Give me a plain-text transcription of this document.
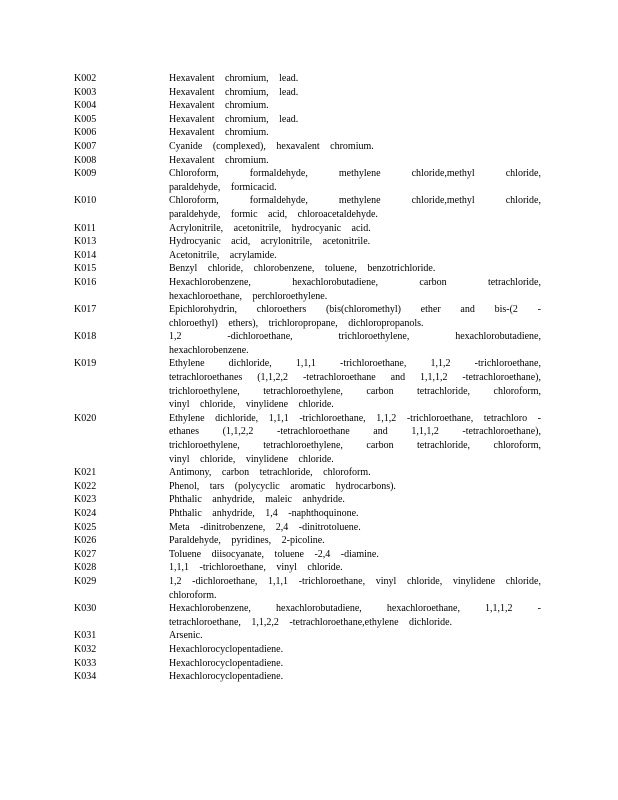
K002	Hexavalent chromium, lead.
K003	Hexavalent chromium, lead.
K004	Hexavalent chromium.
K005	Hexavalent chromium, lead.
K006	Hexavalent chromium.
K007	Cyanide (complexed), hexavalent chromium.
K008	Hexavalent chromium.
K009	Chloroform, formaldehyde, methylene chloride,methyl chloride,
paraldehyde, formicacid.
K010	Chloroform, formaldehyde, methylene chloride,methyl chloride,
paraldehyde, formic acid, chloroacetaldehyde.
K011	Acrylonitrile, acetonitrile, hydrocyanic acid.
K013	Hydrocyanic acid, acrylonitrile, acetonitrile.
K014	Acetonitrile, acrylamide.
K015	Benzyl chloride, chlorobenzene, toluene, benzotrichloride.
K016	Hexachlorobenzene, hexachlorobutadiene, carbon tetrachloride,
hexachloroethane, perchloroethylene.
K017	Epichlorohydrin, chloroethers (bis(chloromethyl) ether and bis-(2 -
chloroethyl) ethers), trichloropropane, dichloropropanols.
K018	1,2 -dichloroethane, trichloroethylene, hexachlorobutadiene,
hexachlorobenzene.
K019	Ethylene dichloride, 1,1,1 -trichloroethane, 1,1,2 -trichloroethane,
tetrachloroethanes (1,1,2,2 -tetrachloroethane and 1,1,1,2 -tetrachloroethane),
trichloroethylene, tetrachloroethylene, carbon tetrachloride, chloroform,
vinyl chloride, vinylidene chloride.
K020	Ethylene dichloride, 1,1,1 -trichloroethane, 1,1,2 -trichloroethane, tetrachloro -
ethanes (1,1,2,2 -tetrachloroethane and 1,1,1,2 -tetrachloroethane),
trichloroethylene, tetrachloroethylene, carbon tetrachloride, chloroform,
vinyl chloride, vinylidene chloride.
K021	Antimony, carbon tetrachloride, chloroform.
K022	Phenol, tars (polycyclic aromatic hydrocarbons).
K023	Phthalic anhydride, maleic anhydride.
K024	Phthalic anhydride, 1,4 -naphthoquinone.
K025	Meta -dinitrobenzene, 2,4 -dinitrotoluene.
K026	Paraldehyde, pyridines, 2-picoline.
K027	Toluene diisocyanate, toluene -2,4 -diamine.
K028	1,1,1 -trichloroethane, vinyl chloride.
K029	1,2 -dichloroethane, 1,1,1 -trichloroethane, vinyl chloride, vinylidene chloride,
chloroform.
K030	Hexachlorobenzene, hexachlorobutadiene, hexachloroethane, 1,1,1,2 -
tetrachloroethane, 1,1,2,2 -tetrachloroethane,ethylene dichloride.
K031	Arsenic.
K032	Hexachlorocyclopentadiene.
K033	Hexachlorocyclopentadiene.
K034	Hexachlorocyclopentadiene.
